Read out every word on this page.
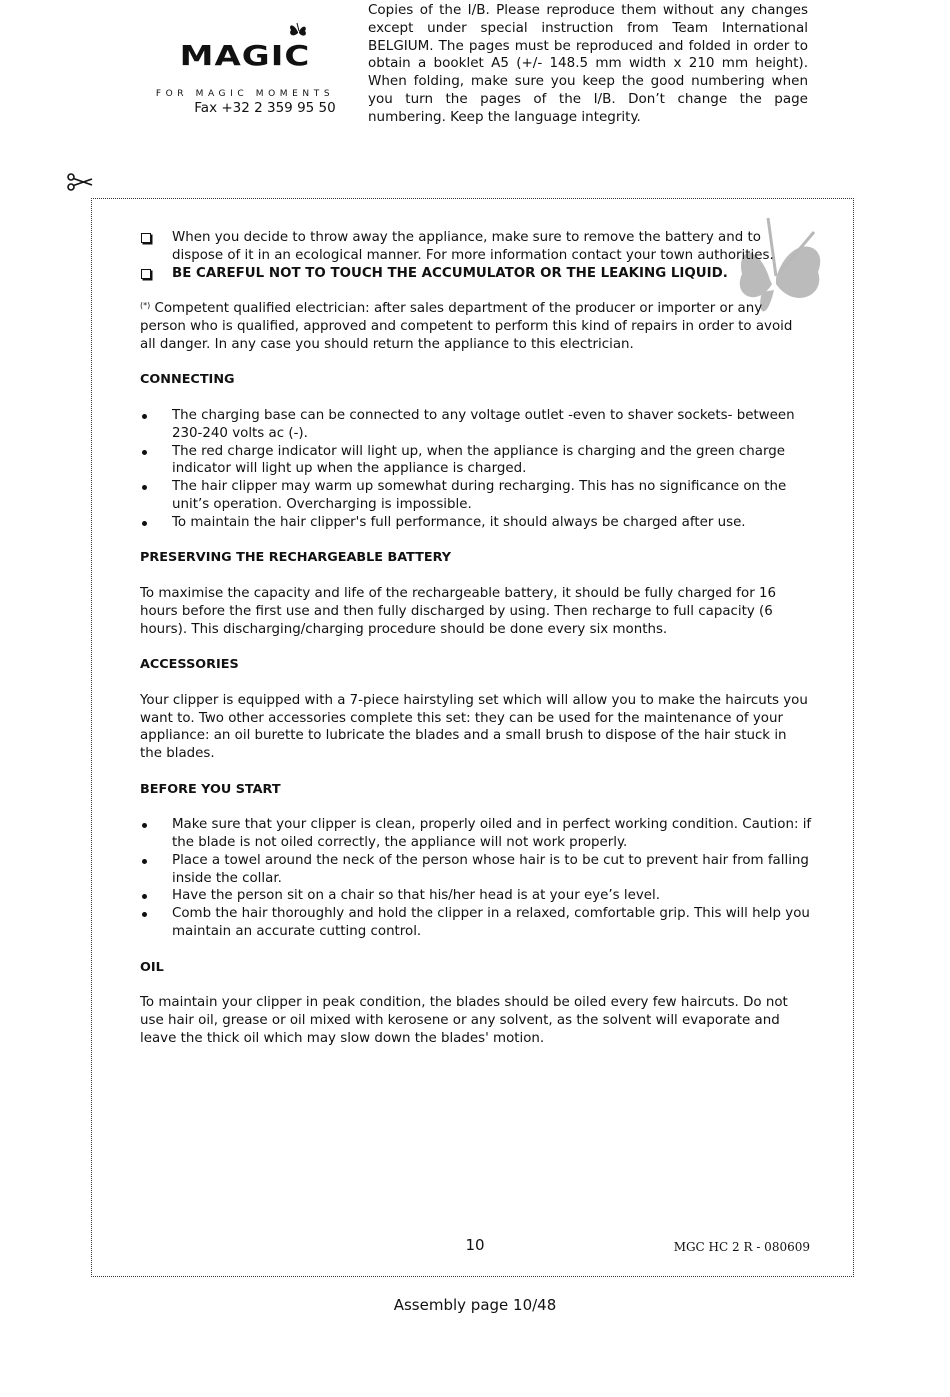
MAGIC
FOR MAGIC MOMENTS
Fax +32 2 359 95 50
Copies of the I/B. Please reproduce them without any changes except under special instruction from Team International BELGIUM. The pages must be reproduced and folded in order to obtain a booklet A5 (+/- 148.5 mm width x 210 mm height). When folding, make sure you keep the good numbering when you turn the pages of the I/B. Don’t change the page numbering. Keep the language integrity.
When you decide to throw away the appliance, make sure to remove the battery and to dispose of it in an ecological manner. For more information contact your town authorities.
BE CAREFUL NOT TO TOUCH THE ACCUMULATOR OR THE LEAKING LIQUID.

(*) Competent qualified electrician: after sales department of the producer or importer or any person who is qualified, approved and competent to perform this kind of repairs in order to avoid all danger. In any case you should return the appliance to this electrician.

CONNECTING
The charging base can be connected to any voltage outlet -even to shaver sockets- between 230-240 volts ac (-).
The red charge indicator will light up, when the appliance is charging and the green charge indicator will light up when the appliance is charged.
The hair clipper may warm up somewhat during recharging. This has no significance on the unit’s operation. Overcharging is impossible.
To maintain the hair clipper's full performance, it should always be charged after use.
PRESERVING THE RECHARGEABLE BATTERY

To maximise the capacity and life of the rechargeable battery, it should be fully charged for 16 hours before the first use and then fully discharged by using. Then recharge to full capacity (6 hours). This discharging/charging procedure should be done every six months.

ACCESSORIES

Your clipper is equipped with a 7-piece hairstyling set which will allow you to make the haircuts you want to. Two other accessories complete this set: they can be used for the maintenance of your appliance: an oil burette to lubricate the blades and a small brush to dispose of the hair stuck in the blades.

BEFORE YOU START
Make sure that your clipper is clean, properly oiled and in perfect working condition. Caution: if the blade is not oiled correctly, the appliance will not work properly.
Place a towel around the neck of the person whose hair is to be cut to prevent hair from falling inside the collar.
Have the person sit on a chair so that his/her head is at your eye’s level.
Comb the hair thoroughly and hold the clipper in a relaxed, comfortable grip. This will help you maintain an accurate cutting control.
OIL

To maintain your clipper in peak condition, the blades should be oiled every few haircuts. Do not use hair oil, grease or oil mixed with kerosene or any solvent, as the solvent will evaporate and leave the thick oil which may slow down the blades' motion.

10	MGC HC 2 R - 080609
Assembly page 10/48
